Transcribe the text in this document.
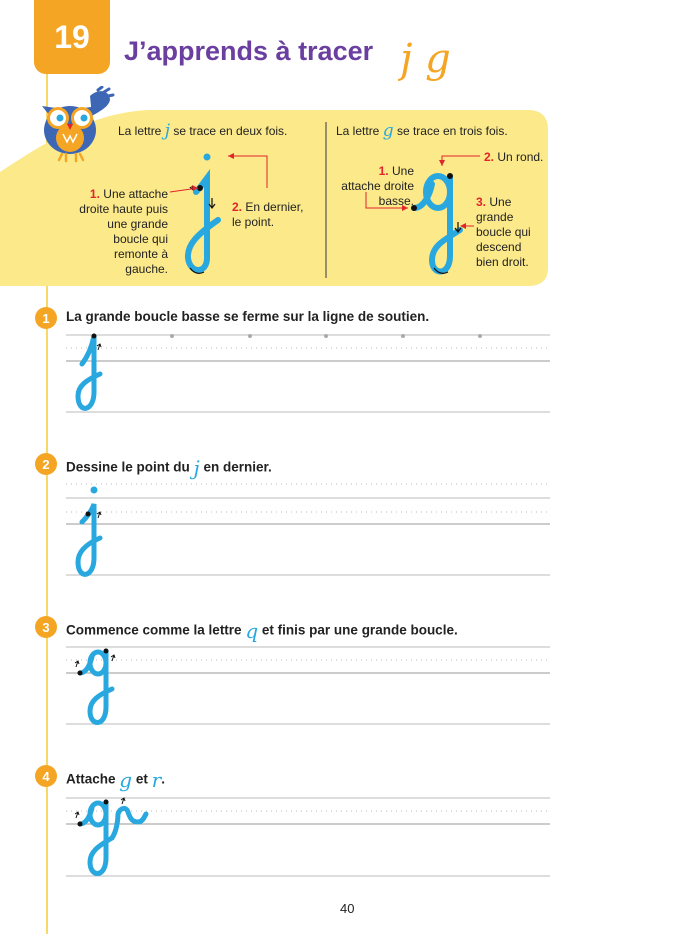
19 J’apprends à tracer j g
La lettre j se trace en deux fois.
1. Une attache droite haute puis une grande boucle qui remonte à gauche.
2. En dernier, le point.
La lettre g se trace en trois fois.
2. Un rond.
1. Une attache droite basse.	3. Une grande boucle qui descend bien droit.
1 La grande boucle basse se ferme sur la ligne de soutien.
2 Dessine le point du j en dernier.
3 Commence comme la lettre q et finis par une grande boucle.
4 Attache g et r.
40
